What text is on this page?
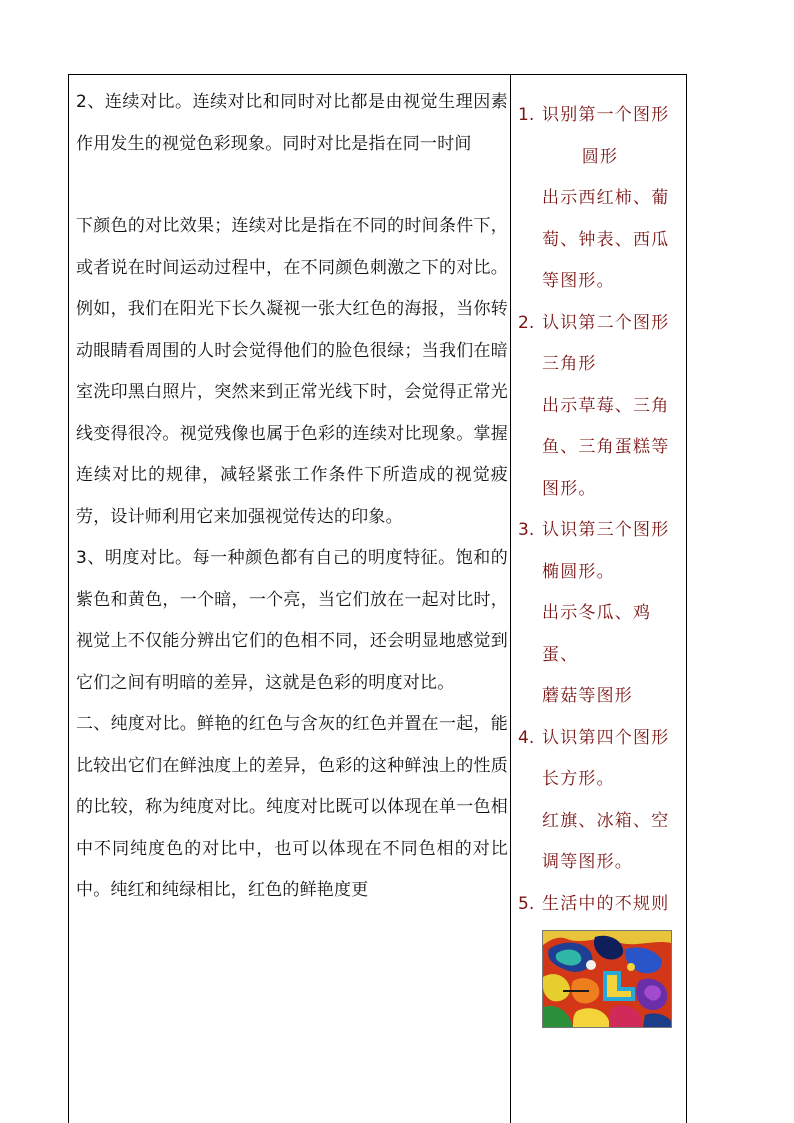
2、连续对比。连续对比和同时对比都是由视觉生理因素作用发生的视觉色彩现象。同时对比是指在同一时间

下颜色的对比效果；连续对比是指在不同的时间条件下，或者说在时间运动过程中，在不同颜色刺激之下的对比。例如，我们在阳光下长久凝视一张大红色的海报，当你转动眼睛看周围的人时会觉得他们的脸色很绿；当我们在暗室洗印黑白照片，突然来到正常光线下时，会觉得正常光线变得很冷。视觉残像也属于色彩的连续对比现象。掌握连续对比的规律，减轻紧张工作条件下所造成的视觉疲劳，设计师利用它来加强视觉传达的印象。

3、明度对比。每一种颜色都有自己的明度特征。饱和的紫色和黄色，一个暗，一个亮，当它们放在一起对比时，视觉上不仅能分辨出它们的色相不同，还会明显地感觉到它们之间有明暗的差异，这就是色彩的明度对比。

二、纯度对比。鲜艳的红色与含灰的红色并置在一起，能比较出它们在鲜浊度上的差异，色彩的这种鲜浊上的性质的比较，称为纯度对比。纯度对比既可以体现在单一色相中不同纯度色的对比中，也可以体现在不同色相的对比中。纯红和纯绿相比，红色的鲜艳度更

1. 识别第一个图形
圆形
出示西红柿、葡
萄、钟表、西瓜
等图形。
2. 认识第二个图形
三角形
出示草莓、三角
鱼、三角蛋糕等
图形。
3. 认识第三个图形
椭圆形。
出示冬瓜、鸡蛋、
蘑菇等图形
4. 认识第四个图形
长方形。
红旗、冰箱、空
调等图形。
5. 生活中的不规则
